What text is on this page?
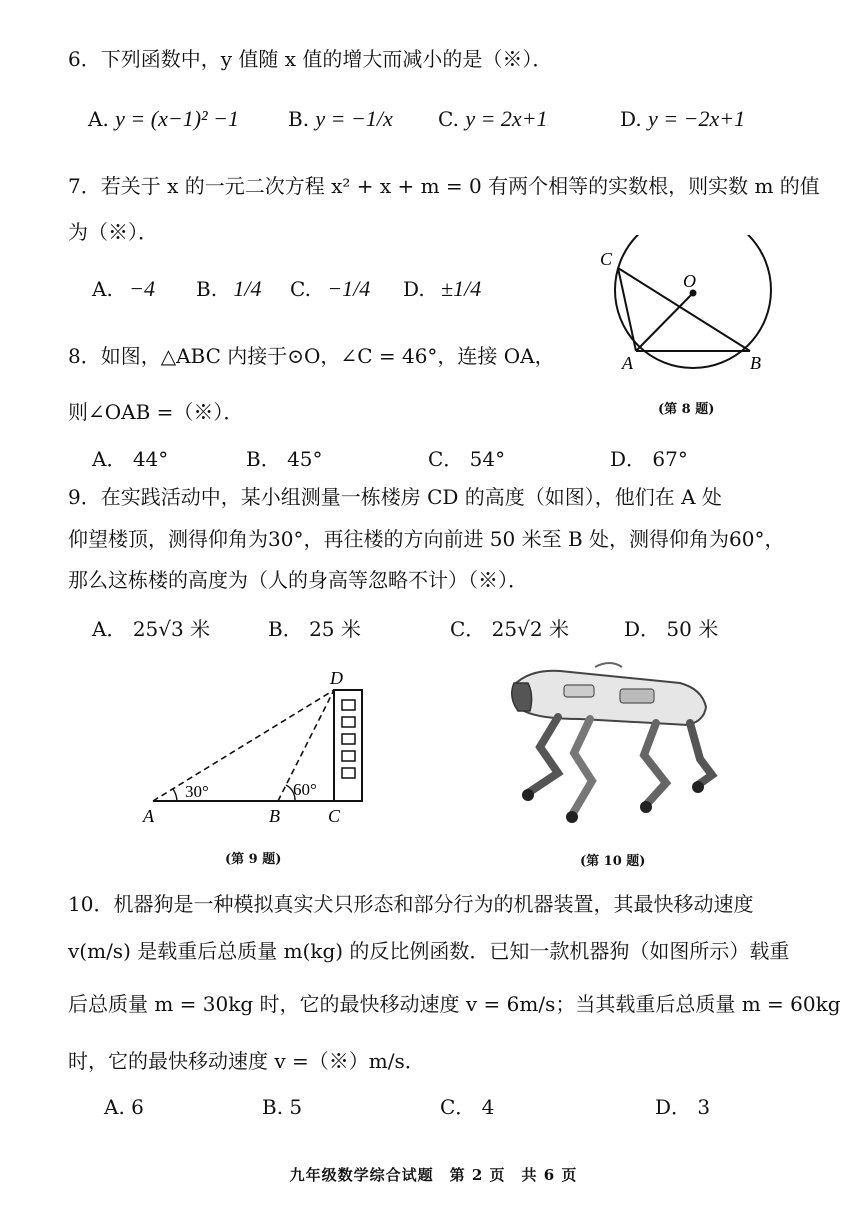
6．下列函数中，y 值随 x 值的增大而减小的是（※）．
A. y = (x−1)² −1 B. y = −1/x C. y = 2x+1	D. y = −2x+1
7．若关于 x 的一元二次方程 x² + x + m = 0 有两个相等的实数根，则实数 m 的值
为（※）．
A. −4 B. 1/4 C. −1/4 D. ±1/4
C
O
A	B
(第 8 题)
8．如图，△ABC 内接于⊙O，∠C = 46°，连接 OA，
则∠OAB =（※）．
A． 44°	B． 45°	C． 54°	D． 67°
9．在实践活动中，某小组测量一栋楼房 CD 的高度（如图），他们在 A 处
仰望楼顶，测得仰角为30°，再往楼的方向前进 50 米至 B 处，测得仰角为60°，
那么这栋楼的高度为（人的身高等忽略不计）（※）．
A． 25√3 米	B． 25 米	C． 25√2 米	D． 50 米
D
A	B	C
30°	60°
(第 9 题)	(第 10 题)
10．机器狗是一种模拟真实犬只形态和部分行为的机器装置，其最快移动速度
v(m/s) 是载重后总质量 m(kg) 的反比例函数．已知一款机器狗（如图所示）载重
后总质量 m = 30kg 时，它的最快移动速度 v = 6m/s；当其载重后总质量 m = 60kg
时，它的最快移动速度 v =（※）m/s．
A. 6	B. 5	C． 4	D． 3
九年级数学综合试题　第 2 页　共 6 页
